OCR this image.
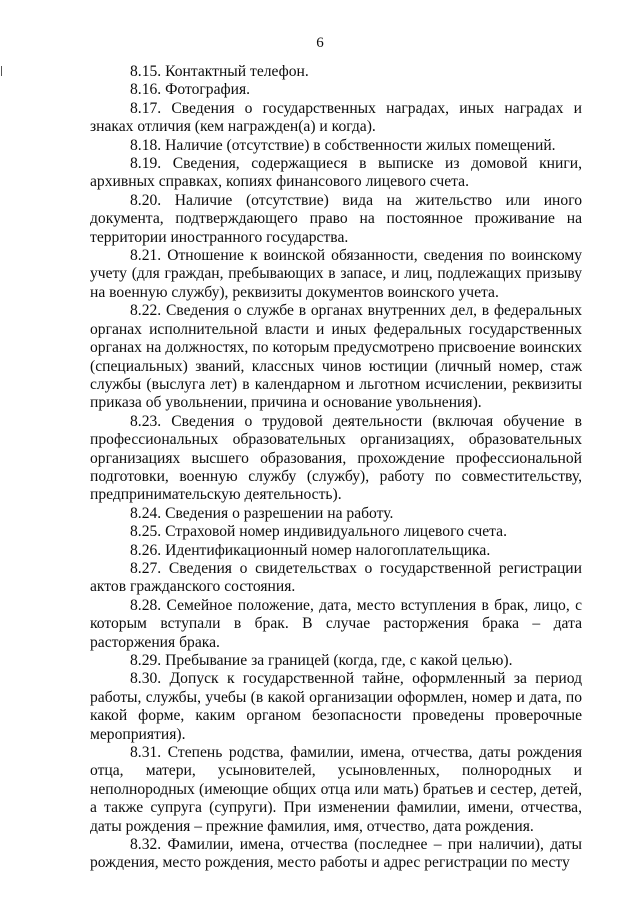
6

8.15. Контактный телефон.

8.16. Фотография.

8.17. Сведения о государственных наградах, иных наградах и знаках отличия (кем награжден(а) и когда).

8.18. Наличие (отсутствие) в собственности жилых помещений.

8.19. Сведения, содержащиеся в выписке из домовой книги, архивных справках, копиях финансового лицевого счета.

8.20. Наличие (отсутствие) вида на жительство или иного документа, подтверждающего право на постоянное проживание на территории иностранного государства.

8.21. Отношение к воинской обязанности, сведения по воинскому учету (для граждан, пребывающих в запасе, и лиц, подлежащих призыву на военную службу), реквизиты документов воинского учета.

8.22. Сведения о службе в органах внутренних дел, в федеральных органах исполнительной власти и иных федеральных государственных органах на должностях, по которым предусмотрено присвоение воинских (специальных) званий, классных чинов юстиции (личный номер, стаж службы (выслуга лет) в календарном и льготном исчислении, реквизиты приказа об увольнении, причина и основание увольнения).

8.23. Сведения о трудовой деятельности (включая обучение в профессиональных образовательных организациях, образовательных организациях высшего образования, прохождение профессиональной подготовки, военную службу (службу), работу по совместительству, предпринимательскую деятельность).

8.24. Сведения о разрешении на работу.

8.25. Страховой номер индивидуального лицевого счета.

8.26. Идентификационный номер налогоплательщика.

8.27. Сведения о свидетельствах о государственной регистрации актов гражданского состояния.

8.28. Семейное положение, дата, место вступления в брак, лицо, с которым вступали в брак. В случае расторжения брака – дата расторжения брака.

8.29. Пребывание за границей (когда, где, с какой целью).

8.30. Допуск к государственной тайне, оформленный за период работы, службы, учебы (в какой организации оформлен, номер и дата, по какой форме, каким органом безопасности проведены проверочные мероприятия).

8.31. Степень родства, фамилии, имена, отчества, даты рождения отца, матери, усыновителей, усыновленных, полнородных и неполнородных (имеющие общих отца или мать) братьев и сестер, детей, а также супруга (супруги). При изменении фамилии, имени, отчества, даты рождения – прежние фамилия, имя, отчество, дата рождения.

8.32. Фамилии, имена, отчества (последнее – при наличии), даты рождения, место рождения, место работы и адрес регистрации по месту
